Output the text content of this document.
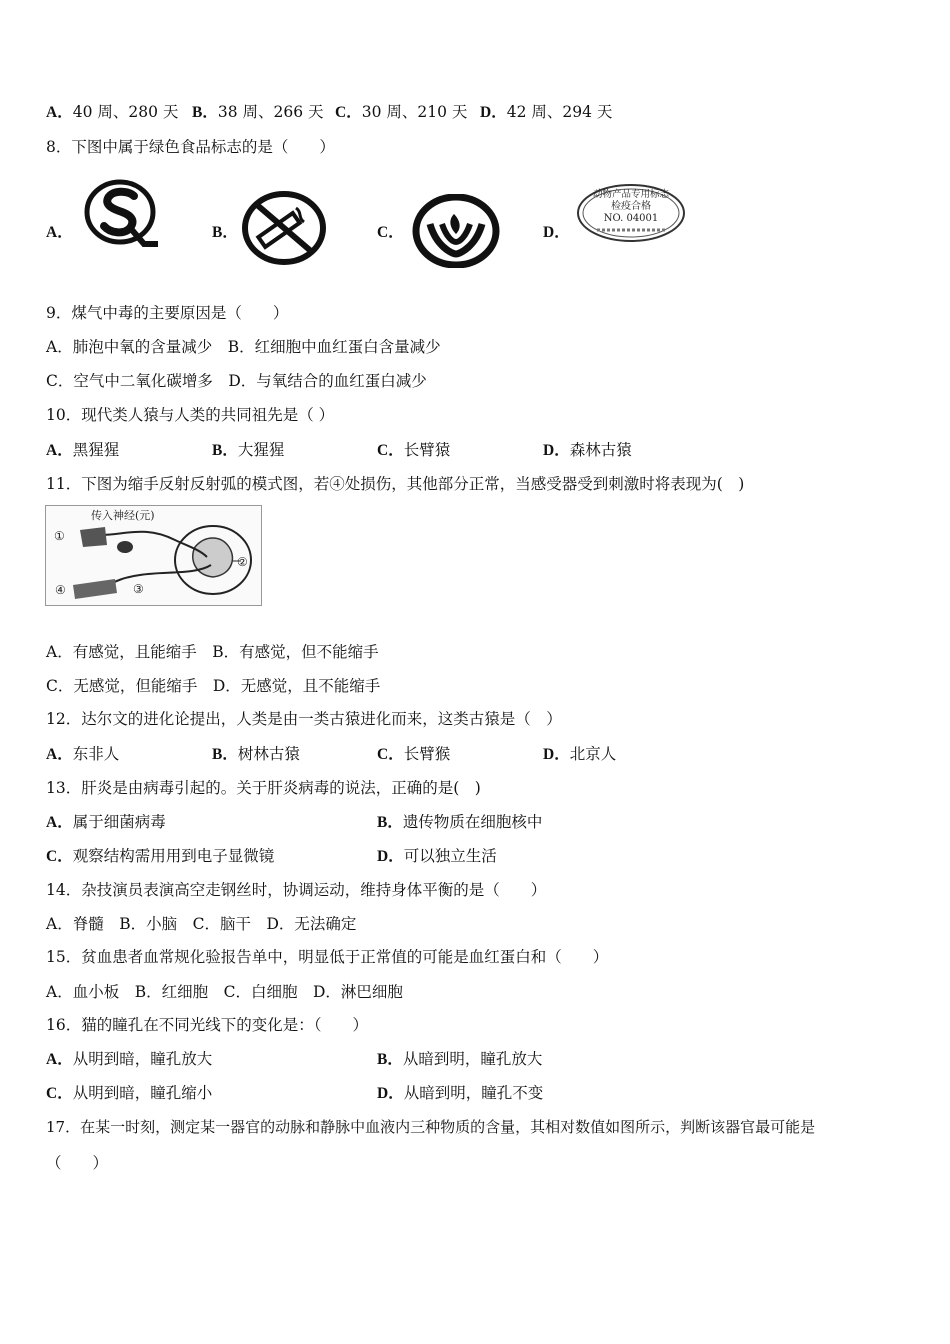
A．40 周、280 天 B．38 周、266 天 C．30 周、210 天 D．42 周、294 天
8．下图中属于绿色食品标志的是（　　）
A．	B．	C．	D．
动物产品专用标志
检疫合格
NO. 04001
9．煤气中毒的主要原因是（　　）
A．肺泡中氧的含量减少　B．红细胞中血红蛋白含量减少
C．空气中二氧化碳增多　D．与氧结合的血红蛋白减少
10．现代类人猿与人类的共同祖先是（ ）
A．黑猩猩	B．大猩猩	C．长臂猿	D．森林古猿
11．下图为缩手反射反射弧的模式图，若④处损伤，其他部分正常，当感受器受到刺激时将表现为(　)
传入神经(元)
①
②
③
④
A．有感觉，且能缩手　B．有感觉，但不能缩手
C．无感觉，但能缩手　D．无感觉，且不能缩手
12．达尔文的进化论提出，人类是由一类古猿进化而来，这类古猿是（　）
A．东非人	B．树林古猿	C．长臂猴	D．北京人
13．肝炎是由病毒引起的。关于肝炎病毒的说法，正确的是(　)
A．属于细菌病毒	B．遗传物质在细胞核中
C．观察结构需用用到电子显微镜	D．可以独立生活
14．杂技演员表演高空走钢丝时，协调运动，维持身体平衡的是（　　）
A．脊髓　B．小脑　C．脑干　D．无法确定
15．贫血患者血常规化验报告单中，明显低于正常值的可能是血红蛋白和（　　）
A．血小板　B．红细胞　C．白细胞　D．淋巴细胞
16．猫的瞳孔在不同光线下的变化是：（　　）
A．从明到暗，瞳孔放大	B．从暗到明，瞳孔放大
C．从明到暗，瞳孔缩小	D．从暗到明，瞳孔不变
17．在某一时刻，测定某一器官的动脉和静脉中血液内三种物质的含量，其相对数值如图所示，判断该器官最可能是
（　　）
